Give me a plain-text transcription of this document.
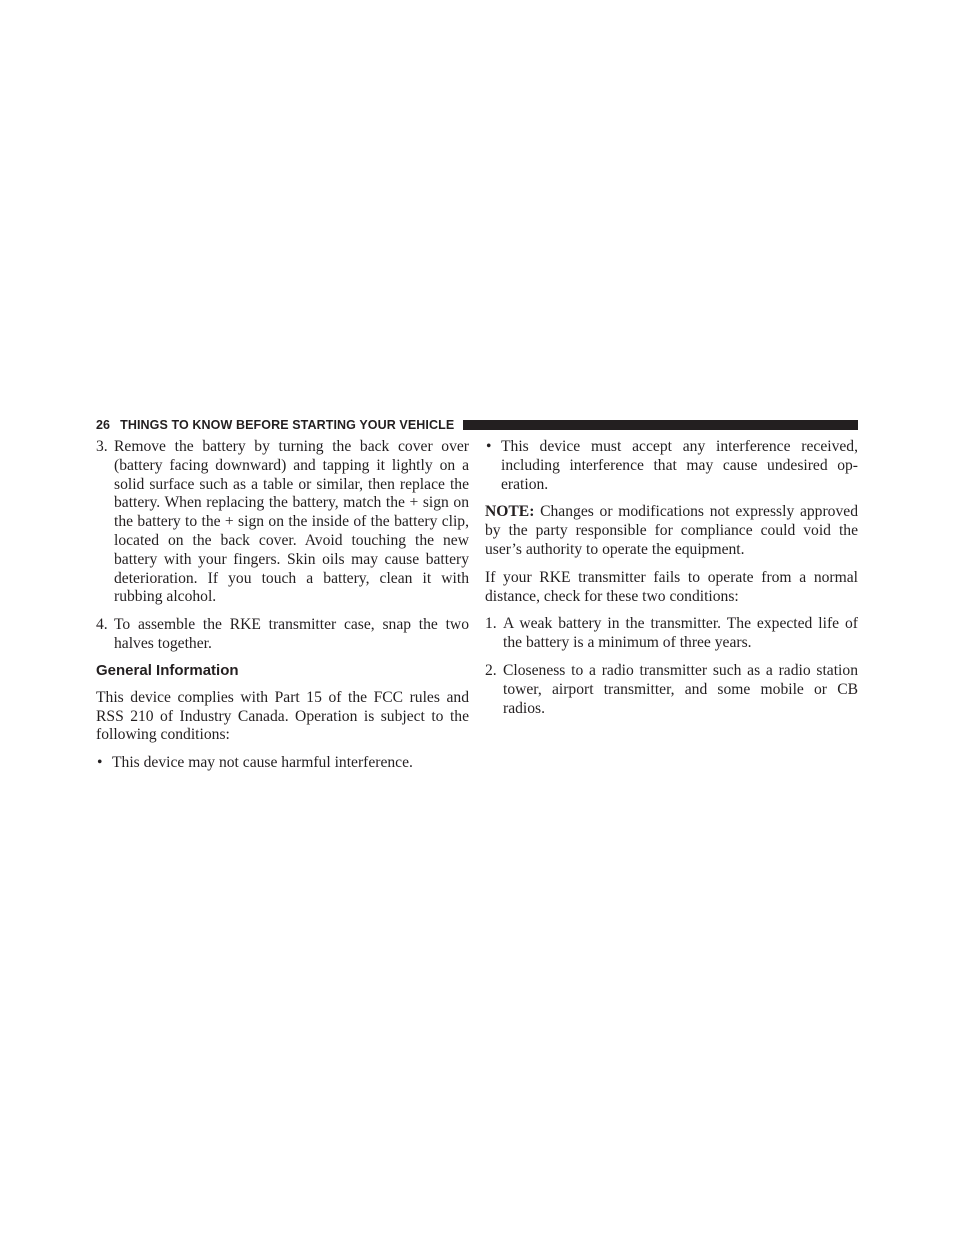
26 THINGS TO KNOW BEFORE STARTING YOUR VEHICLE
3. Remove the battery by turning the back cover over (battery facing downward) and tapping it lightly on a solid surface such as a table or similar, then replace the battery. When replacing the battery, match the + sign on the battery to the + sign on the inside of the battery clip, located on the back cover. Avoid touching the new battery with your fingers. Skin oils may cause battery deterioration. If you touch a battery, clean it with rubbing alcohol.

4. To assemble the RKE transmitter case, snap the two halves together.

General Information

This device complies with Part 15 of the FCC rules and RSS 210 of Industry Canada. Operation is subject to the following conditions:

• This device may not cause harmful interference.

• This device must accept any interference received, including interference that may cause undesired op-eration.

NOTE: Changes or modifications not expressly approved by the party responsible for compliance could void the user’s authority to operate the equipment.

If your RKE transmitter fails to operate from a normal distance, check for these two conditions:

1. A weak battery in the transmitter. The expected life of the battery is a minimum of three years.

2. Closeness to a radio transmitter such as a radio station tower, airport transmitter, and some mobile or CB radios.
